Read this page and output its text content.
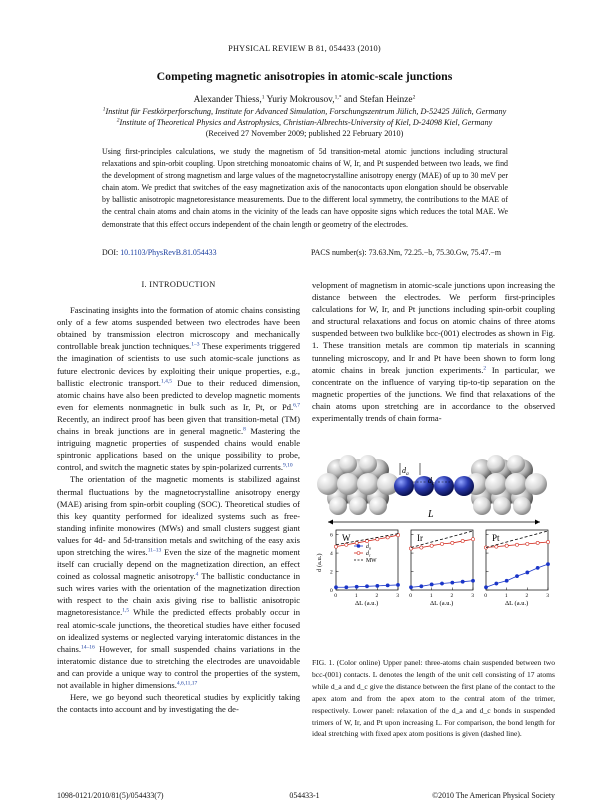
PHYSICAL REVIEW B 81, 054433 (2010)
Competing magnetic anisotropies in atomic-scale junctions
Alexander Thiess,$^1$ Yuriy Mokrousov,$^{1,*}$ and Stefan Heinze$^2$
$^1$Institut für Festkörperforschung, Institute for Advanced Simulation, Forschungszentrum Jülich, D-52425 Jülich, Germany
$^2$Institute of Theoretical Physics and Astrophysics, Christian-Albrechts-University of Kiel, D-24098 Kiel, Germany
(Received 27 November 2009; published 22 February 2010)
Using first-principles calculations, we study the magnetism of 5d transition-metal atomic junctions including structural relaxations and spin-orbit coupling. Upon stretching monoatomic chains of W, Ir, and Pt suspended between two leads, we find the development of strong magnetism and large values of the magnetocrystalline anisotropy energy (MAE) of up to 30 meV per chain atom. We predict that switches of the easy magnetization axis of the nanocontacts upon elongation should be observable by ballistic anisotropic magnetoresistance measurements. Due to the different local symmetry, the contributions to the MAE of the central chain atoms and chain atoms in the vicinity of the leads can have opposite signs which reduces the total MAE. We demonstrate that this effect occurs independent of the chain length or geometry of the electrodes.
DOI: 10.1103/PhysRevB.81.054433	PACS number(s): 73.63.Nm, 72.25.−b, 75.30.Gw, 75.47.−m

I. INTRODUCTION

Fascinating insights into the formation of atomic chains consisting only of a few atoms suspended between two electrodes have been obtained by transmission electron microscopy and mechanically controllable break junction techniques.$^{1-3}$ These experiments triggered the imagination of scientists to use such atomic-scale junctions as future electronic devices by exploiting their unique properties, e.g., ballistic electronic transport.$^{1,4,5}$ Due to their reduced dimension, atomic chains have also been predicted to develop magnetic moments even for elements nonmagnetic in bulk such as Ir, Pt, or Pd.$^{6,7}$ Recently, an indirect proof has been given that transition-metal (TM) chains in break junctions are in general magnetic.$^8$ Mastering the intriguing magnetic properties of suspended chains would enable spintronic applications based on the unique possibility to probe, control, and switch the magnetic states by spin-polarized currents.$^{9,10}$

The orientation of the magnetic moments is stabilized against thermal fluctuations by the magnetocrystalline anisotropy energy (MAE) arising from spin-orbit coupling (SOC). Theoretical studies of this key quantity performed for idealized systems such as free-standing infinite monowires (MWs) and small clusters suggest giant values for 4d- and 5d-transition metals and switching of the easy axis upon stretching the wires.$^{11-13}$ Even the size of the magnetic moment itself can crucially depend on the magnetization direction, an effect coined as colossal magnetic anisotropy.$^4$ The ballistic conductance in such wires varies with the orientation of the magnetization direction with respect to the chain axis giving rise to ballistic anisotropic magnetoresistance.$^{1,5}$ While the predicted effects probably occur in real atomic-scale junctions, the theoretical studies have either focused on idealized systems or neglected varying interatomic distances in the chains.$^{14-16}$ However, for small suspended chains variations in the interatomic distance due to stretching the electrodes are unavoidable and can provide a unique way to control the properties of the system, not available in higher dimensions.$^{4,6,11,17}$

Here, we go beyond such theoretical studies by explicitly taking the contacts into account and by investigating the de-

velopment of magnetism in atomic-scale junctions upon increasing the distance between the electrodes. We perform first-principles calculations for W, Ir, and Pt junctions including spin-orbit coupling and structural relaxations and focus on atomic chains of three atoms suspended between two bulklike bcc-(001) electrodes as shown in Fig. 1. These transition metals are common tip materials in scanning tunneling microscopy, and Ir and Pt have been shown to form long atomic chains in break junction experiments.$^2$ In particular, we concentrate on the influence of varying tip-to-tip separation on the magnetic properties of the junctions. We find that relaxations of the chain atoms upon stretching are in accordance to the observed experimentally trends of chain forma-

$d_a$
$d_c$
L
0	1	2	3
0
2
4
6 W
ΔL (a.u.)
0	1	2	3
Ir
ΔL (a.u.)
0	1	2	3
Pt
ΔL (a.u.)
d (a.u.)
$d_a$
$d_c$
MW
FIG. 1. (Color online) Upper panel: three-atoms chain suspended between two bcc-(001) contacts. L denotes the length of the unit cell consisting of 17 atoms while d_a and d_c give the distance between the first plane of the contact to the apex atom and from the apex atom to the central atom of the trimer, respectively. Lower panel: relaxation of the d_a and d_c bonds in suspended trimers of W, Ir, and Pt upon increasing L. For comparison, the bond length for ideal stretching with fixed apex atom positions is given (dashed line).
1098-0121/2010/81(5)/054433(7)	054433-1	©2010 The American Physical Society
